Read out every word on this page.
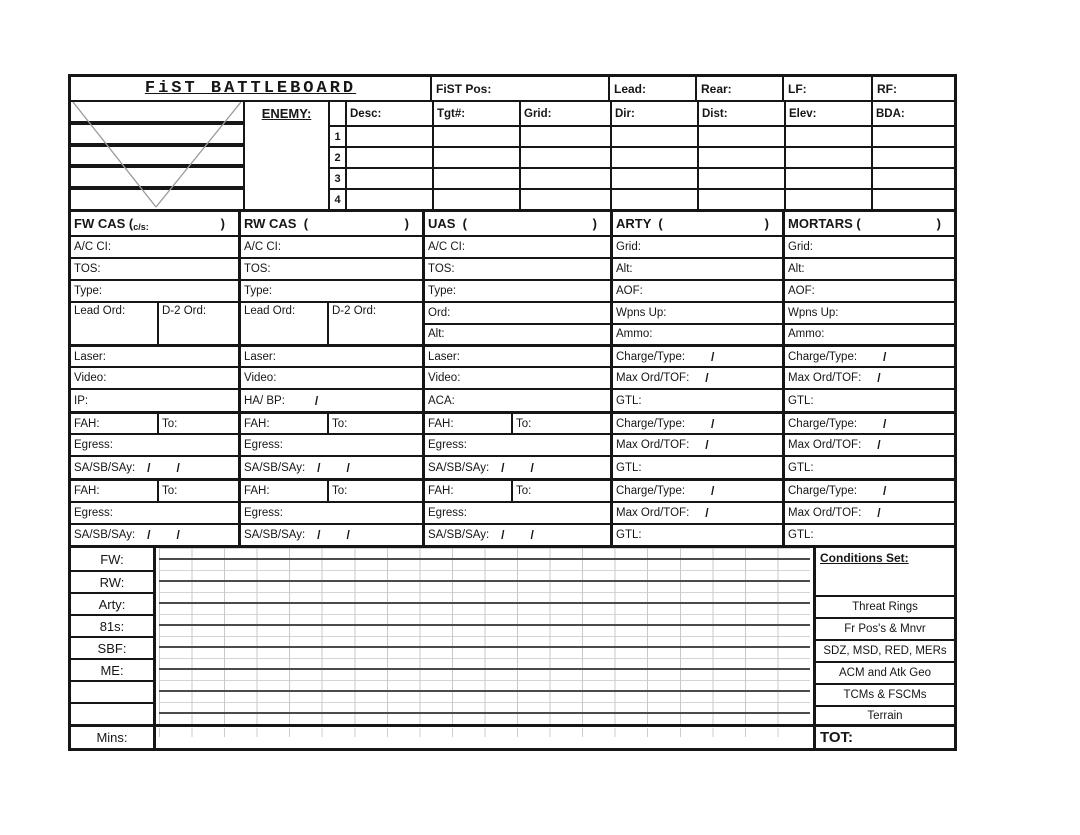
FiST BATTLEBOARD	FiST Pos:	Lead:	Rear:	LF:	RF:
ENEMY:	Desc:	Tgt#:	Grid:	Dir:	Dist:	Elev:	BDA:
1
2
3
4
FW CAS ( c/s:	)
A/C CI:
TOS:
Type:
Lead Ord:	D-2 Ord:
Laser:
Video:
IP:
FAH:	To:
Egress:
SA/SB/SAy: / /
FAH:	To:
Egress:
SA/SB/SAy: / /
RW CAS  (	)
A/C CI:
TOS:
Type:
Lead Ord:	D-2 Ord:
Laser:
Video:
HA/ BP:	/
FAH:	To:
Egress:
SA/SB/SAy: / /
FAH:	To:
Egress:
SA/SB/SAy: / /
UAS  (	)
A/C CI:
TOS:
Type:
Ord:
Alt:
Laser:
Video:
ACA:
FAH:	To:
Egress:
SA/SB/SAy: / /
FAH:	To:
Egress:
SA/SB/SAy: / /
ARTY  (	)
Grid:
Alt:
AOF:
Wpns Up:
Ammo:
Charge/Type: /
Max Ord/TOF: /
GTL:
Charge/Type: /
Max Ord/TOF: /
GTL:
Charge/Type: /
Max Ord/TOF: /
GTL:
MORTARS (	)
Grid:
Alt:
AOF:
Wpns Up:
Ammo:
Charge/Type: /
Max Ord/TOF: /
GTL:
Charge/Type: /
Max Ord/TOF: /
GTL:
Charge/Type: /
Max Ord/TOF: /
GTL:
FW:
RW:
Arty:
81s:
SBF:
ME:
Mins:
Conditions Set:
Threat Rings
Fr Pos's & Mnvr
SDZ, MSD, RED, MERs
ACM and Atk Geo
TCMs & FSCMs
Terrain
TOT:
